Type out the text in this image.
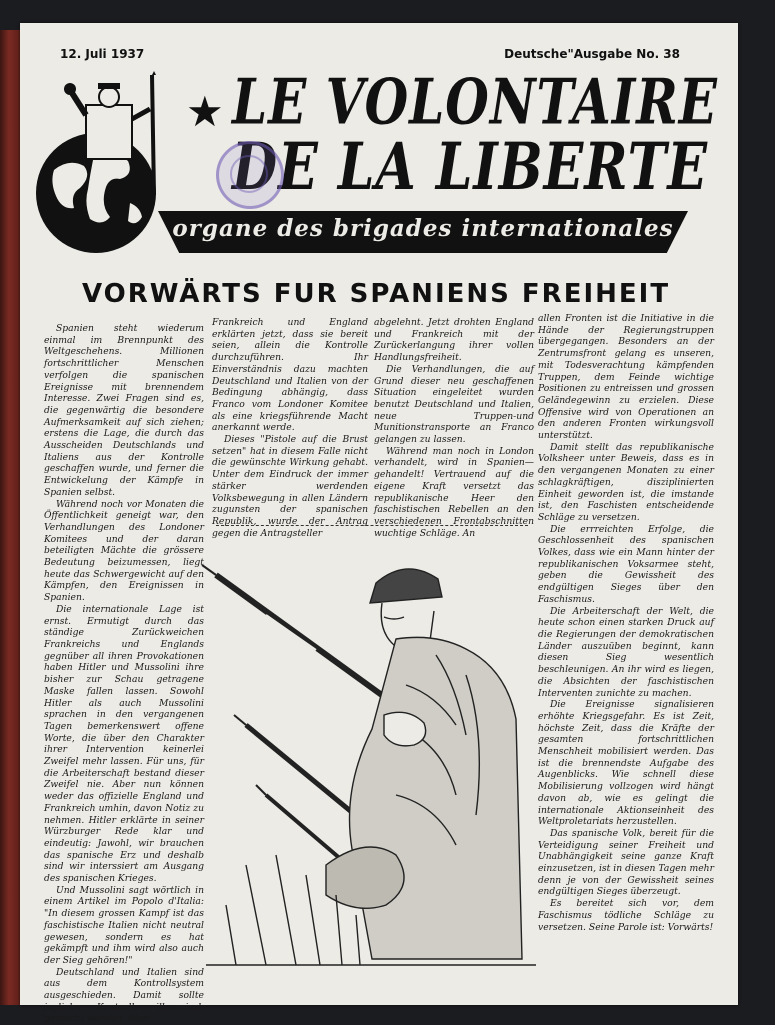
12. Juli 1937	Deutsche"Ausgabe No. 38
★ LE VOLONTAIRE
DE LA LIBERTE
organe des brigades internationales
VORWÄRTS FUR SPANIENS FREIHEIT

Spanien steht wiederum einmal im Brennpunkt des Weltgeschehens. Millionen fortschrittlicher Menschen verfolgen die spanischen Ereignisse mit brennendem Interesse. Zwei Fragen sind es, die gegenwärtig die besondere Aufmerksamkeit auf sich ziehen; erstens die Lage, die durch das Ausscheiden Deutschlands und Italiens aus der Kontrolle geschaffen wurde, und ferner die Entwickelung der Kämpfe in Spanien selbst.

Während noch vor Monaten die Öffentlichkeit geneigt war, den Verhandlungen des Londoner Komitees und der daran beteiligten Mächte die grössere Bedeutung beizumessen, liegt heute das Schwergewicht auf den Kämpfen, den Ereignissen in Spanien.

Die internationale Lage ist ernst. Ermutigt durch das ständige Zurückweichen Frankreichs und Englands gegnüber all ihren Provokationen haben Hitler und Mussolini ihre bisher zur Schau getragene Maske fallen lassen. Sowohl Hitler als auch Mussolini sprachen in den vergangenen Tagen bemerkenswert offene Worte, die über den Charakter ihrer Intervention keinerlei Zweifel mehr lassen. Für uns, für die Arbeiterschaft bestand dieser Zweifel nie. Aber nun können weder das offizielle England und Frankreich umhin, davon Notiz zu nehmen. Hitler erklärte in seiner Würzburger Rede klar und eindeutig: Jawohl, wir brauchen das spanische Erz und deshalb sind wir interssiert am Ausgang des spanischen Krieges.

Und Mussolini sagt wörtlich in einem Artikel im Popolo d'Italia: "In diesem grossen Kampf ist das faschistische Italien nicht neutral gewesen, sondern es hat gekämpft und ihm wird also auch der Sieg gehören!"

Deutschland und Italien sind aus dem Kontrollsystem ausgeschieden. Damit sollte jegliche Kontrolle illusorisch gemacht werden. Aber

Frankreich und England erklärten jetzt, dass sie bereit seien, allein die Kontrolle durchzuführen. Ihr Einverständnis dazu machten Deutschland und Italien von der Bedingung abhängig, dass Franco vom Londoner Komitee als eine kriegsführende Macht anerkannt werde.

Dieses "Pistole auf die Brust setzen" hat in diesem Falle nicht die gewünschte Wirkung gehabt. Unter dem Eindruck der immer stärker werdenden Volksbewegung in allen Ländern zugunsten der spanischen Republik, wurde der Antrag gegen die Antragsteller

abgelehnt. Jetzt drohten England und Frankreich mit der Zurückerlangung ihrer vollen Handlungsfreiheit.

Die Verhandlungen, die auf Grund dieser neu geschaffenen Situation eingeleitet wurden benutzt Deutschland und Italien, neue Truppen-und Munitionstransporte an Franco gelangen zu lassen.

Während man noch in London verhandelt, wird in Spanien—gehandelt! Vertrauend auf die eigene Kraft versetzt das republikanische Heer den faschistischen Rebellen an den verschiedenen Frontabschnitten wuchtige Schläge. An

allen Fronten ist die Initiative in die Hände der Regierungstruppen übergegangen. Besonders an der Zentrumsfront gelang es unseren, mit Todesverachtung kämpfenden Truppen, dem Feinde wichtige Positionen zu entreissen und grossen Geländegewinn zu erzielen. Diese Offensive wird von Operationen an den anderen Fronten wirkungsvoll unterstützt.

Damit stellt das republikanische Volksheer unter Beweis, dass es in den vergangenen Monaten zu einer schlagkräftigen, disziplinierten Einheit geworden ist, die imstande ist, den Faschisten entscheidende Schläge zu versetzen.

Die errreichten Erfolge, die Geschlossenheit des spanischen Volkes, dass wie ein Mann hinter der republikanischen Voksarmee steht, geben die Gewissheit des endgültigen Sieges über den Faschismus.

Die Arbeiterschaft der Welt, die heute schon einen starken Druck auf die Regierungen der demokratischen Länder auszuüben beginnt, kann diesen Sieg wesentlich beschleunigen. An ihr wird es liegen, die Absichten der faschistischen Interventen zunichte zu machen.

Die Ereignisse signalisieren erhöhte Kriegsgefahr. Es ist Zeit, höchste Zeit, dass die Kräfte der gesamten fortschrittlichen Menschheit mobilisiert werden. Das ist die brennendste Aufgabe des Augenblicks. Wie schnell diese Mobilisierung vollzogen wird hängt davon ab, wie es gelingt die internationale Aktionseinheit des Weltproletariats herzustellen.

Das spanische Volk, bereit für die Verteidigung seiner Freiheit und Unabhängigkeit seine ganze Kraft einzusetzen, ist in diesen Tagen mehr denn je von der Gewissheit seines endgültigen Sieges überzeugt.

Es bereitet sich vor, dem Faschismus tödliche Schläge zu versetzen. Seine Parole ist: Vorwärts!
